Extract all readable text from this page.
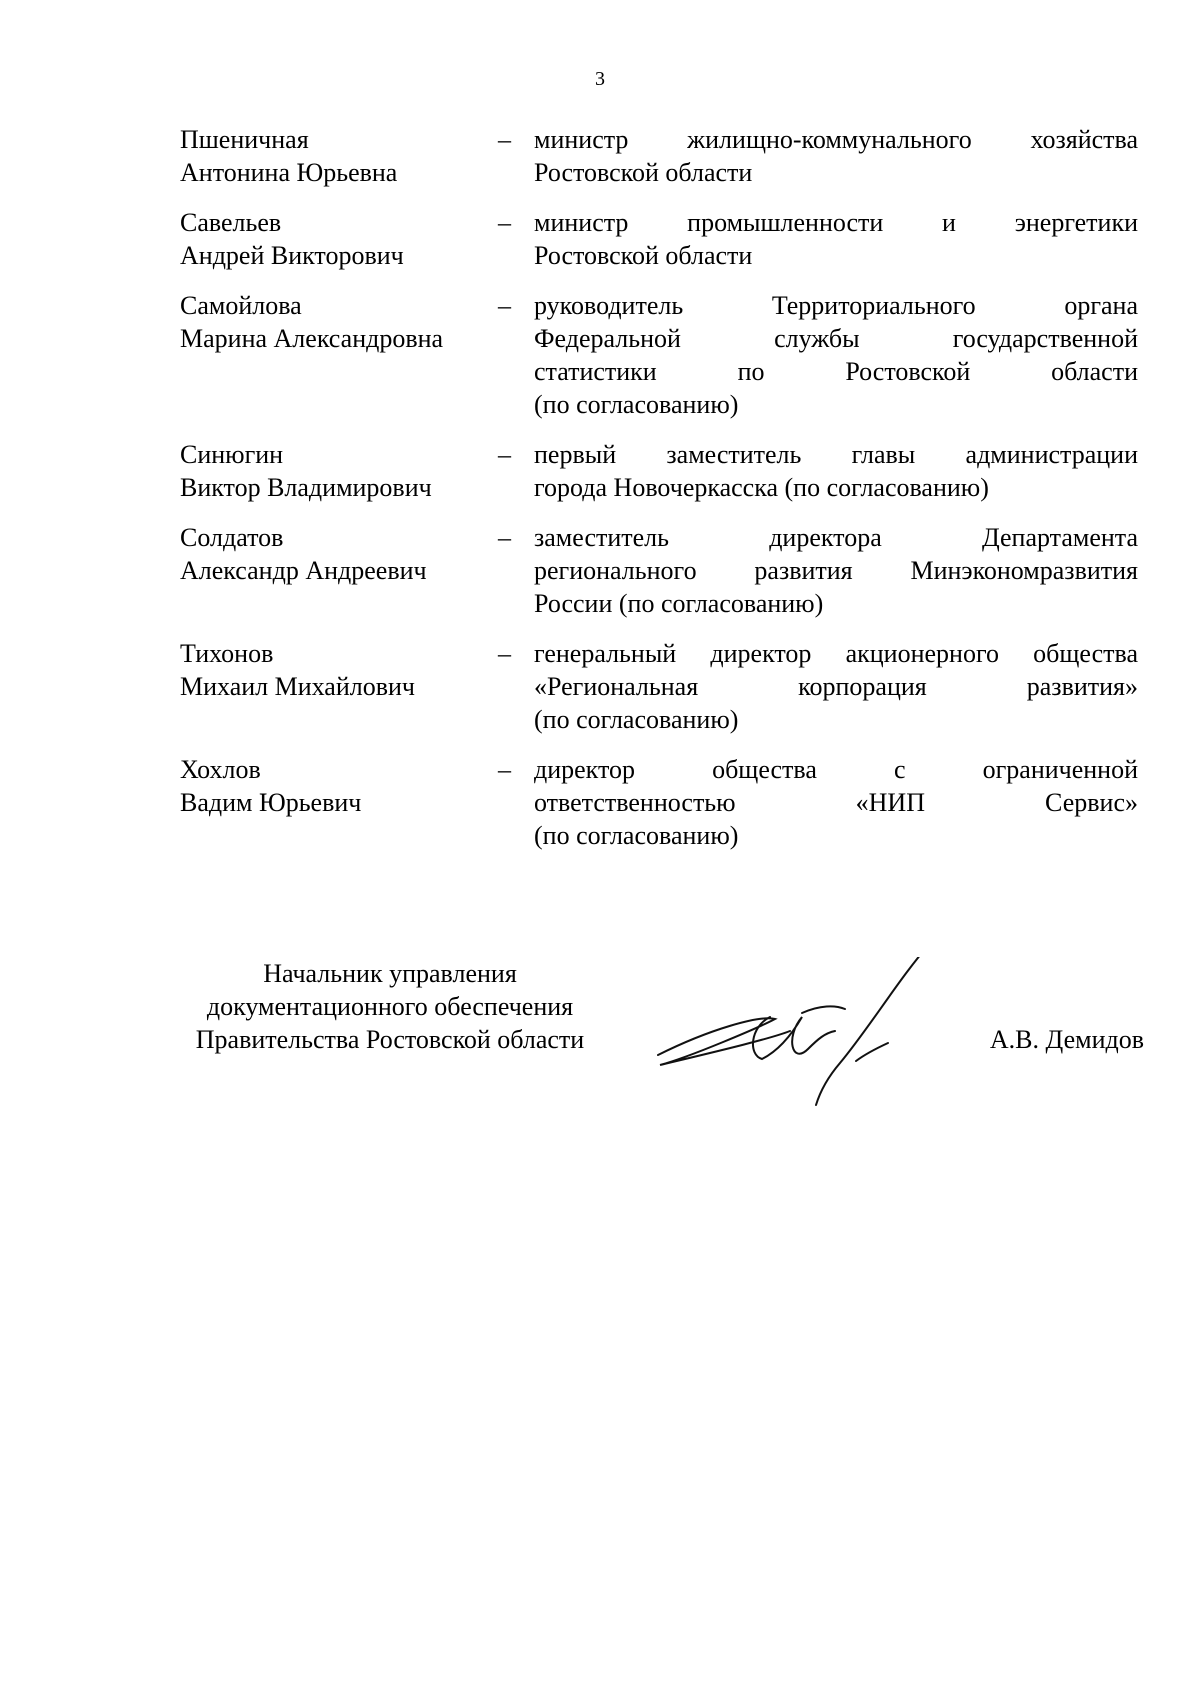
3
Пшеничная
Антонина Юрьевна
– министр жилищно-коммунального хозяйства
Ростовской области
Савельев
Андрей Викторович
– министр промышленности и энергетики
Ростовской области
Самойлова
Марина Александровна
– руководитель Территориального органа
Федеральной службы государственной
статистики по Ростовской области
(по согласованию)
Синюгин
Виктор Владимирович
– первый заместитель главы администрации
города Новочеркасска (по согласованию)
Солдатов
Александр Андреевич
– заместитель директора Департамента
регионального развития Минэкономразвития
России (по согласованию)
Тихонов
Михаил Михайлович
– генеральный директор акционерного общества
«Региональная корпорация развития»
(по согласованию)
Хохлов
Вадим Юрьевич
– директор общества с ограниченной
ответственностью «НИП Сервис»
(по согласованию)
Начальник управления
документационного обеспечения
Правительства Ростовской области	А.В. Демидов
